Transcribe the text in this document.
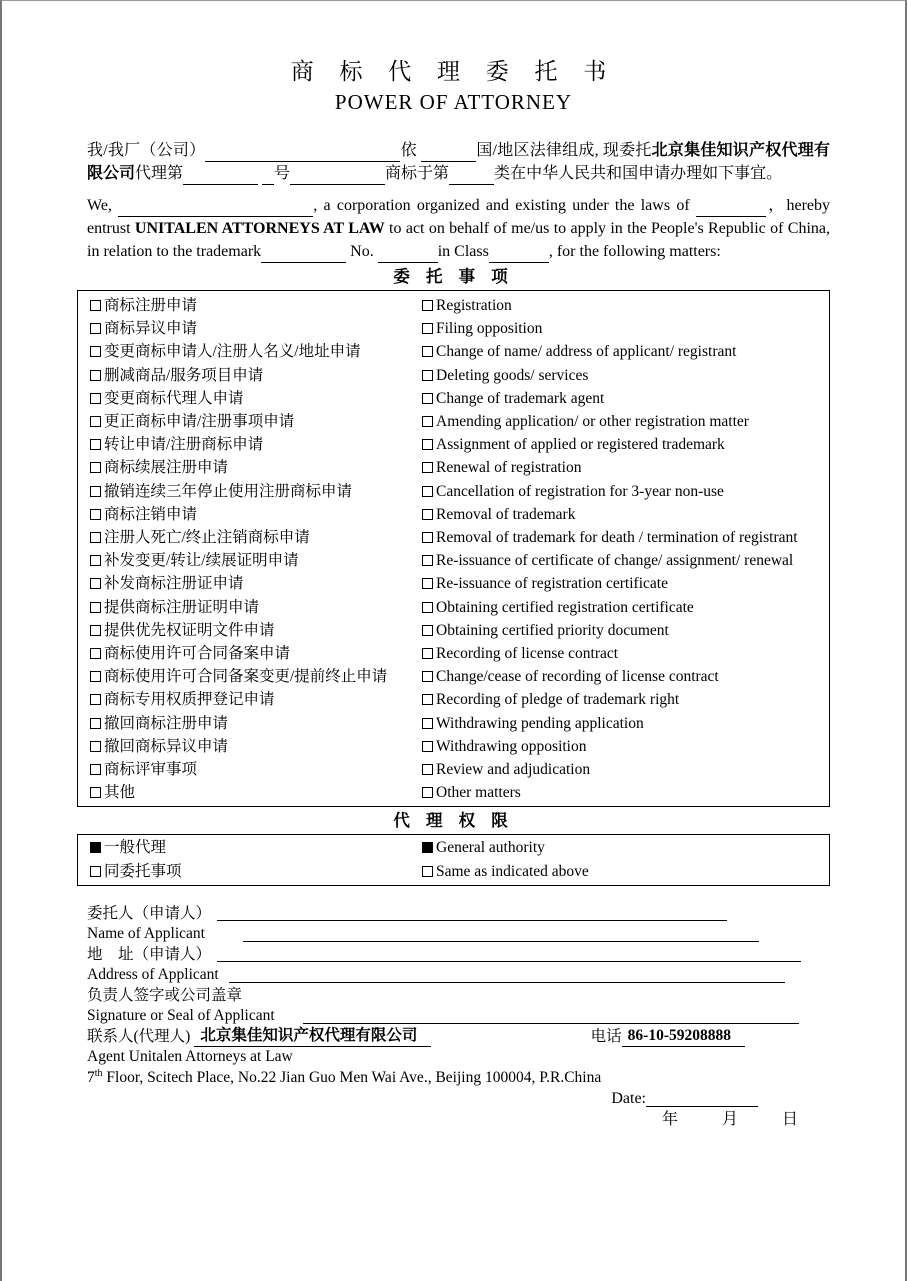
商 标 代 理 委 托 书
POWER OF ATTORNEY

我/我厂（公司）	依	国/地区法律组成, 现委托北京集佳知识产权代理有限公司代理第	号	商标于第	类在中华人民共和国申请办理如下事宜。

We,	, a corporation organized and existing under the laws of	，hereby entrust UNITALEN ATTORNEYS AT LAW to act on behalf of me/us to apply in the People's Republic of China, in relation to the trademark	No.	in Class	, for the following matters:

委 托 事 项
商标注册申请	Registration
商标异议申请	Filing opposition
变更商标申请人/注册人名义/地址申请	Change of name/ address of applicant/ registrant
删减商品/服务项目申请	Deleting goods/ services
变更商标代理人申请	Change of trademark agent
更正商标申请/注册事项申请	Amending application/ or other registration matter
转让申请/注册商标申请	Assignment of applied or registered trademark
商标续展注册申请	Renewal of registration
撤销连续三年停止使用注册商标申请	Cancellation of registration for 3-year non-use
商标注销申请	Removal of trademark
注册人死亡/终止注销商标申请	Removal of trademark for death / termination of registrant
补发变更/转让/续展证明申请	Re-issuance of certificate of change/ assignment/ renewal
补发商标注册证申请	Re-issuance of registration certificate
提供商标注册证明申请	Obtaining certified registration certificate
提供优先权证明文件申请	Obtaining certified priority document
商标使用许可合同备案申请	Recording of license contract
商标使用许可合同备案变更/提前终止申请	Change/cease of recording of license contract
商标专用权质押登记申请	Recording of pledge of trademark right
撤回商标注册申请	Withdrawing pending application
撤回商标异议申请	Withdrawing opposition
商标评审事项	Review and adjudication
其他	Other matters
代 理 权 限
一般代理	General authority
同委托事项	Same as indicated above
委托人（申请人）
Name of Applicant
地　址（申请人）
Address of Applicant
负责人签字或公司盖章
Signature or Seal of Applicant
联系人(代理人) 北京集佳知识产权代理有限公司	电话 86-10-59208888
Agent Unitalen Attorneys at Law
7th Floor, Scitech Place, No.22 Jian Guo Men Wai Ave., Beijing 100004, P.R.China
Date:
年	月	日
